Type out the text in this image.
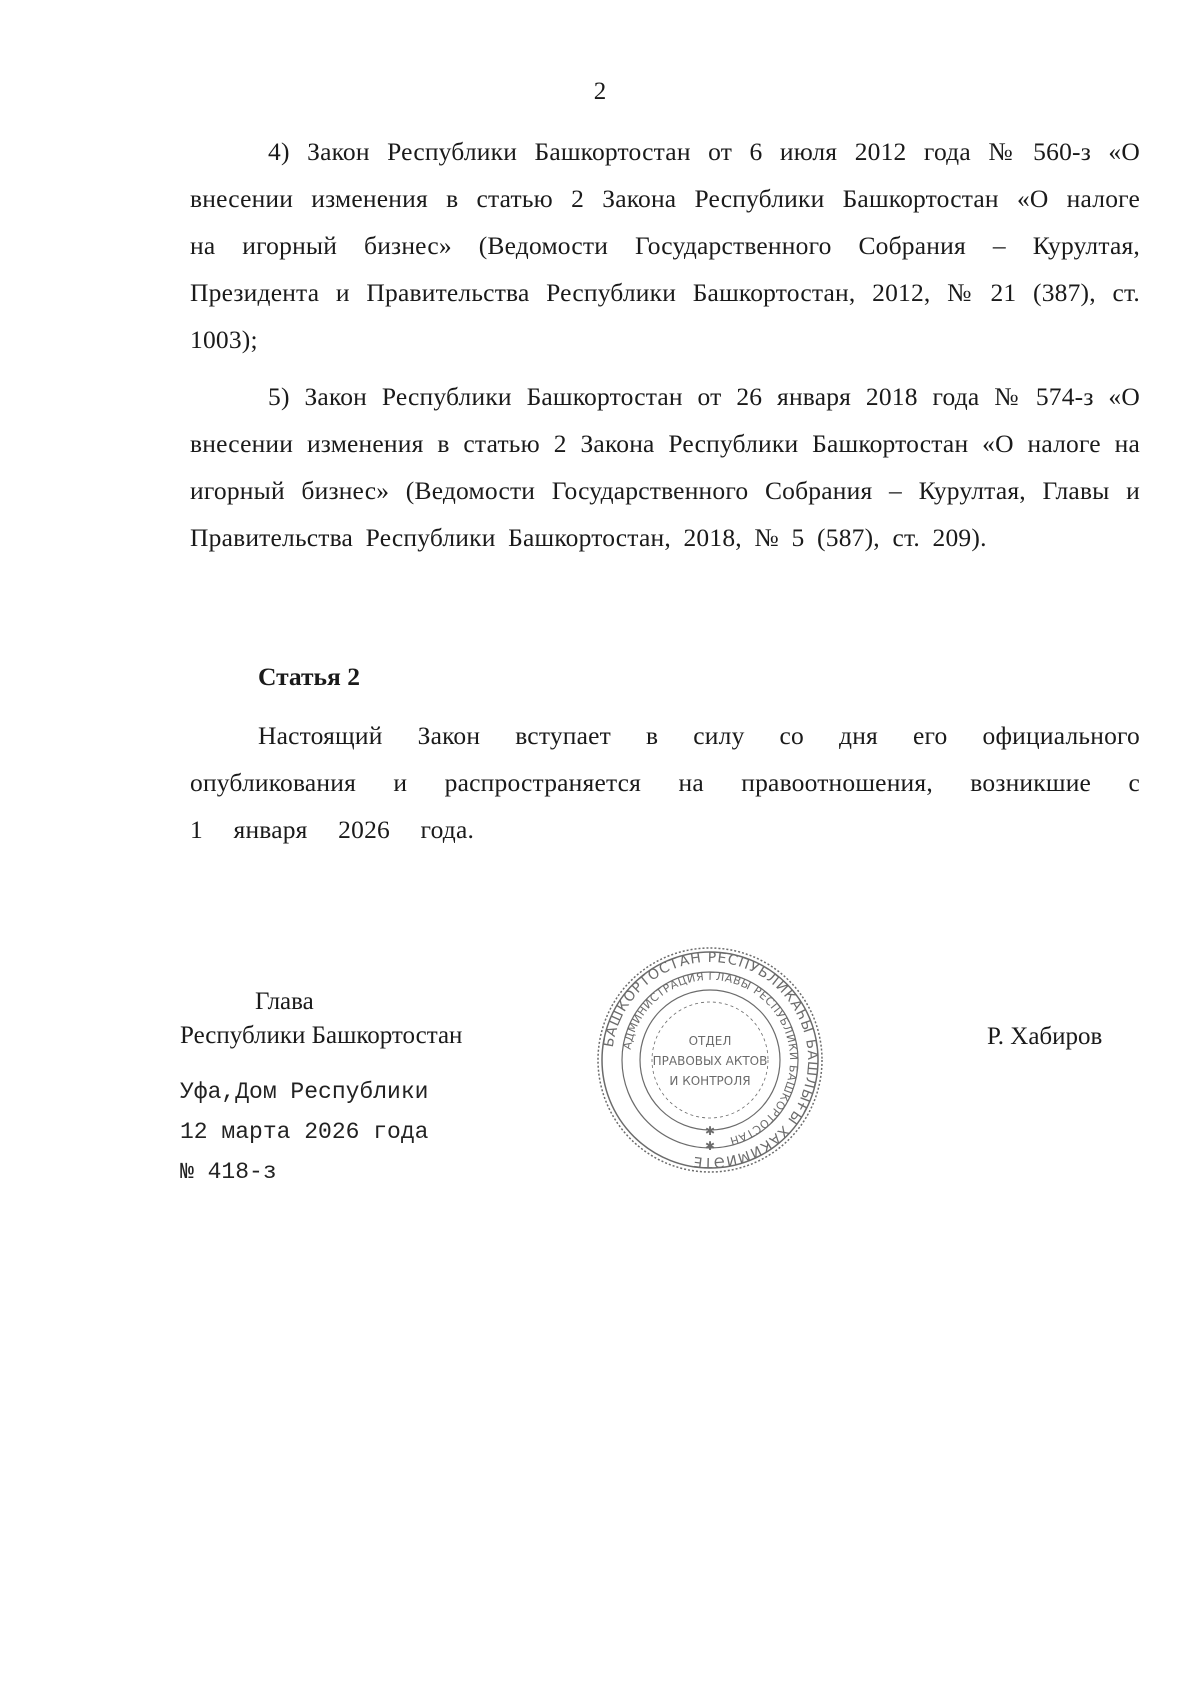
2
4) Закон Республики Башкортостан от 6 июля 2012 года № 560-з «О внесении изменения в статью 2 Закона Республики Башкортостан «О налоге на игорный бизнес» (Ведомости Государственного Собрания – Курултая, Президента и Правительства Республики Башкортостан, 2012, № 21 (387), ст. 1003);
5) Закон Республики Башкортостан от 26 января 2018 года № 574-з «О внесении изменения в статью 2 Закона Республики Башкортостан «О налоге на игорный бизнес» (Ведомости Государственного Собрания – Курултая, Главы и Правительства Республики Башкортостан, 2018, № 5 (587), ст. 209).
Статья 2
Настоящий Закон вступает в силу со дня его официального опубликования и распространяется на правоотношения, возникшие с 1 января 2026 года.
Глава
Республики Башкортостан	Р. Хабиров
Уфа,Дом Республики
12 марта 2026 года
№ 418-з
БАШКОРТОСТАН РЕСПУБЛИКАҺЫ БАШЛЫҒЫ ХАКИМИӘТЕ
АДМИНИСТРАЦИЯ ГЛАВЫ РЕСПУБЛИКИ БАШКОРТОСТАН
ОТДЕЛ
ПРАВОВЫХ АКТОВ
И КОНТРОЛЯ
✱
✱
